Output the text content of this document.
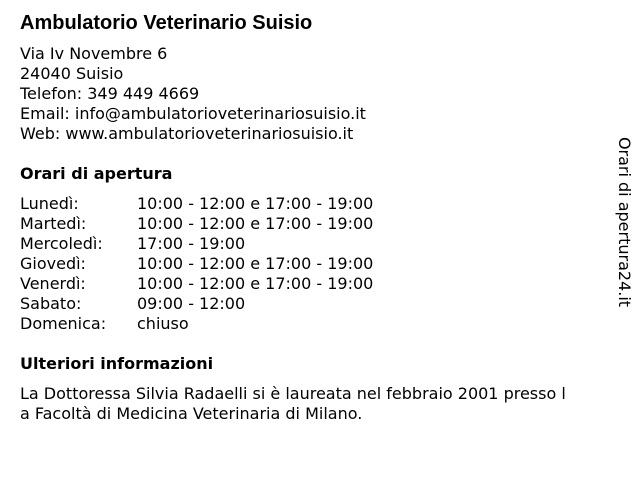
Ambulatorio Veterinario Suisio
Via Iv Novembre 6
24040 Suisio
Telefon: 349 449 4669
Email: info@ambulatorioveterinariosuisio.it
Web: www.ambulatorioveterinariosuisio.it
Orari di apertura
Lunedì:	10:00 - 12:00 e 17:00 - 19:00
Martedì:	10:00 - 12:00 e 17:00 - 19:00
Mercoledì: 17:00 - 19:00
Giovedì:	10:00 - 12:00 e 17:00 - 19:00
Venerdì:	10:00 - 12:00 e 17:00 - 19:00
Sabato:	09:00 - 12:00
Domenica: chiuso
Ulteriori informazioni
La Dottoressa Silvia Radaelli si è laureata nel febbraio 2001 presso l
a Facoltà di Medicina Veterinaria di Milano.
Orari di apertura24.it
